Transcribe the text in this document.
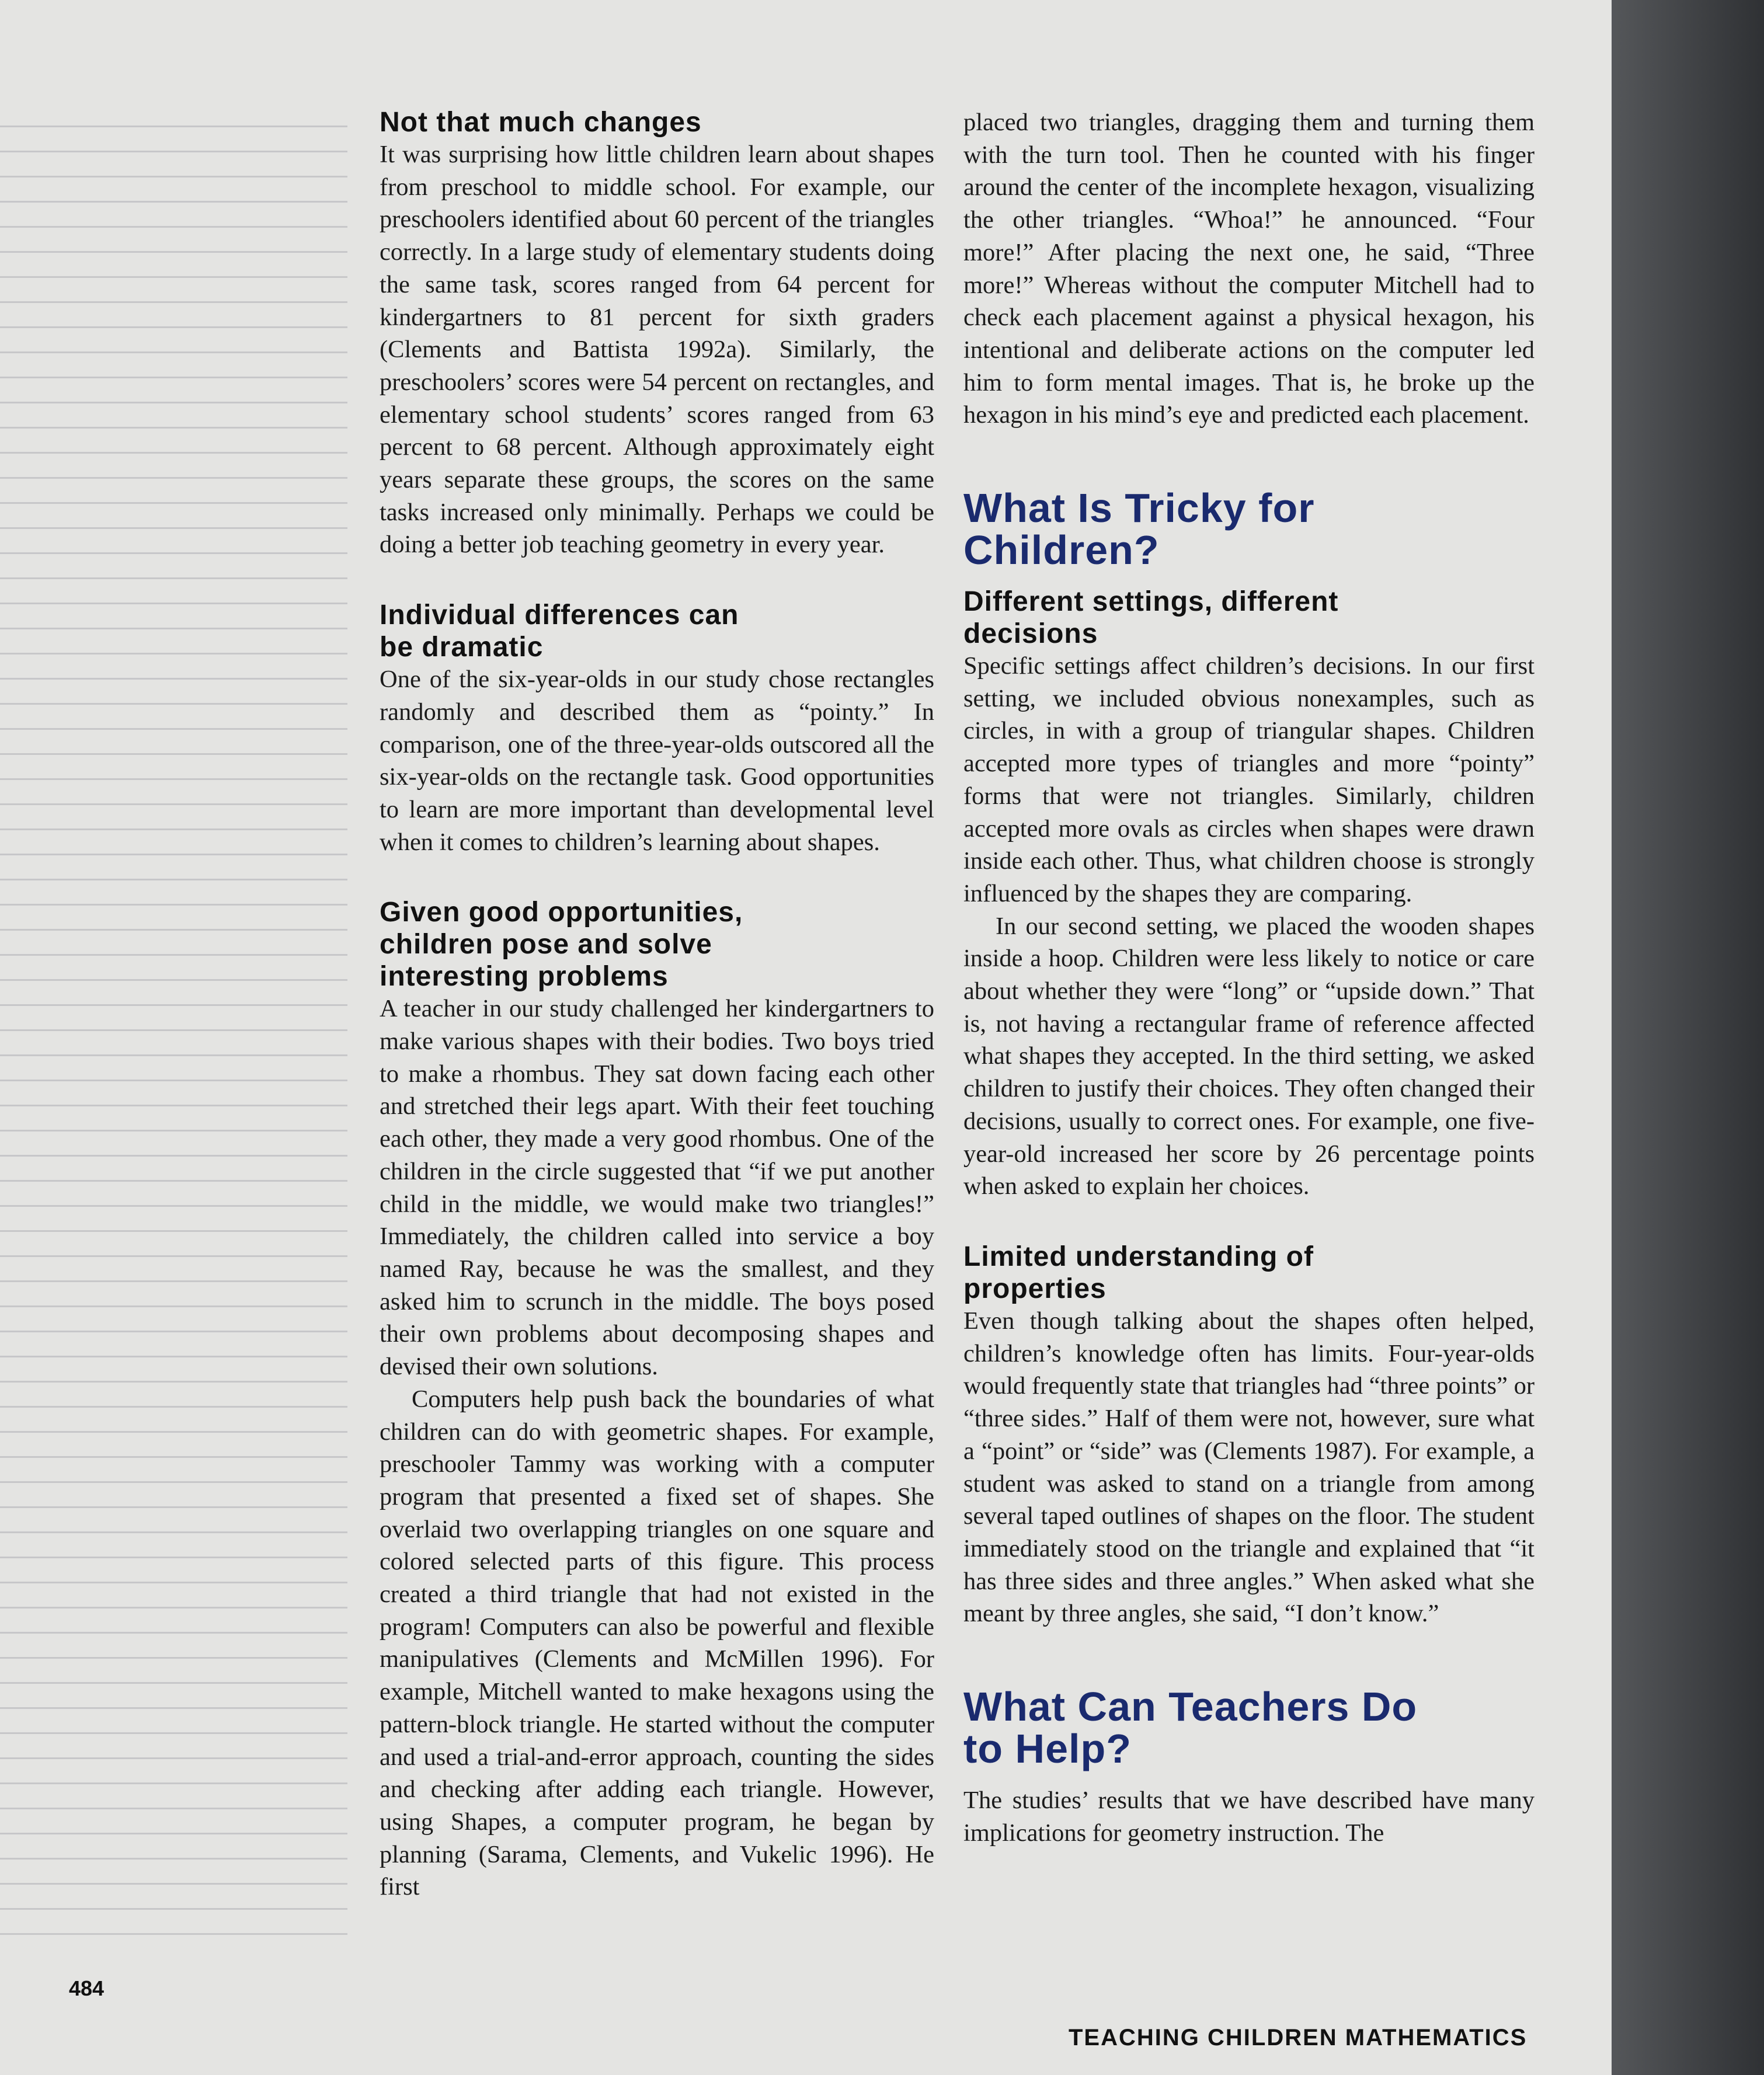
Not that much changes

It was surprising how little children learn about shapes from preschool to middle school. For example, our preschoolers identified about 60 percent of the triangles correctly. In a large study of elementary students doing the same task, scores ranged from 64 percent for kindergartners to 81 percent for sixth graders (Clements and Battista 1992a). Similarly, the preschoolers’ scores were 54 percent on rectangles, and elementary school students’ scores ranged from 63 percent to 68 percent. Although approximately eight years separate these groups, the scores on the same tasks increased only minimally. Perhaps we could be doing a better job teaching geometry in every year.

Individual differences can be dramatic

One of the six-year-olds in our study chose rectangles randomly and described them as “pointy.” In comparison, one of the three-year-olds outscored all the six-year-olds on the rectangle task. Good opportunities to learn are more important than developmental level when it comes to children’s learning about shapes.

Given good opportunities, children pose and solve interesting problems

A teacher in our study challenged her kindergartners to make various shapes with their bodies. Two boys tried to make a rhombus. They sat down facing each other and stretched their legs apart. With their feet touching each other, they made a very good rhombus. One of the children in the circle suggested that “if we put another child in the middle, we would make two triangles!” Immediately, the children called into service a boy named Ray, because he was the smallest, and they asked him to scrunch in the middle. The boys posed their own problems about decomposing shapes and devised their own solutions.

Computers help push back the boundaries of what children can do with geometric shapes. For example, preschooler Tammy was working with a computer program that presented a fixed set of shapes. She overlaid two overlapping triangles on one square and colored selected parts of this figure. This process created a third triangle that had not existed in the program! Computers can also be powerful and flexible manipulatives (Clements and McMillen 1996). For example, Mitchell wanted to make hexagons using the pattern-block triangle. He started without the computer and used a trial-and-error approach, counting the sides and checking after adding each triangle. However, using Shapes, a computer program, he began by planning (Sarama, Clements, and Vukelic 1996). He first

placed two triangles, dragging them and turning them with the turn tool. Then he counted with his finger around the center of the incomplete hexagon, visualizing the other triangles. “Whoa!” he announced. “Four more!” After placing the next one, he said, “Three more!” Whereas without the computer Mitchell had to check each placement against a physical hexagon, his intentional and deliberate actions on the computer led him to form mental images. That is, he broke up the hexagon in his mind’s eye and predicted each placement.

What Is Tricky for Children?
Different settings, different decisions

Specific settings affect children’s decisions. In our first setting, we included obvious nonexamples, such as circles, in with a group of triangular shapes. Children accepted more types of triangles and more “pointy” forms that were not triangles. Similarly, children accepted more ovals as circles when shapes were drawn inside each other. Thus, what children choose is strongly influenced by the shapes they are comparing.

In our second setting, we placed the wooden shapes inside a hoop. Children were less likely to notice or care about whether they were “long” or “upside down.” That is, not having a rectangular frame of reference affected what shapes they accepted. In the third setting, we asked children to justify their choices. They often changed their decisions, usually to correct ones. For example, one five-year-old increased her score by 26 percentage points when asked to explain her choices.

Limited understanding of properties

Even though talking about the shapes often helped, children’s knowledge often has limits. Four-year-olds would frequently state that triangles had “three points” or “three sides.” Half of them were not, however, sure what a “point” or “side” was (Clements 1987). For example, a student was asked to stand on a triangle from among several taped outlines of shapes on the floor. The student immediately stood on the triangle and explained that “it has three sides and three angles.” When asked what she meant by three angles, she said, “I don’t know.”

What Can Teachers Do to Help?

The studies’ results that we have described have many implications for geometry instruction. The

484
TEACHING CHILDREN MATHEMATICS
